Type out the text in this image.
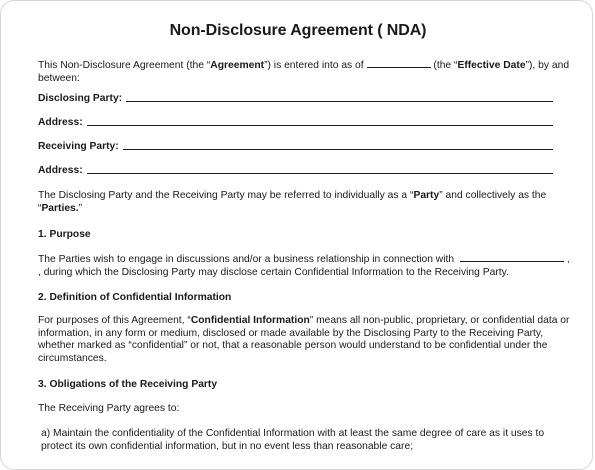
Non-Disclosure Agreement ( NDA)
This Non-Disclosure Agreement (the “Agreement”) is entered into as of	(the “Effective Date”), by and
between:
Disclosing Party:
Address:
Receiving Party:
Address:
The Disclosing Party and the Receiving Party may be referred to individually as a “Party” and collectively as the
“Parties.”
1. Purpose
The Parties wish to engage in discussions and/or a business relationship in connection with	,
, during which the Disclosing Party may disclose certain Confidential Information to the Receiving Party.
2. Definition of Confidential Information
For purposes of this Agreement, “Confidential Information” means all non-public, proprietary, or confidential data or
information, in any form or medium, disclosed or made available by the Disclosing Party to the Receiving Party,
whether marked as “confidential” or not, that a reasonable person would understand to be confidential under the
circumstances.
3. Obligations of the Receiving Party
The Receiving Party agrees to:
a) Maintain the confidentiality of the Confidential Information with at least the same degree of care as it uses to
protect its own confidential information, but in no event less than reasonable care;
